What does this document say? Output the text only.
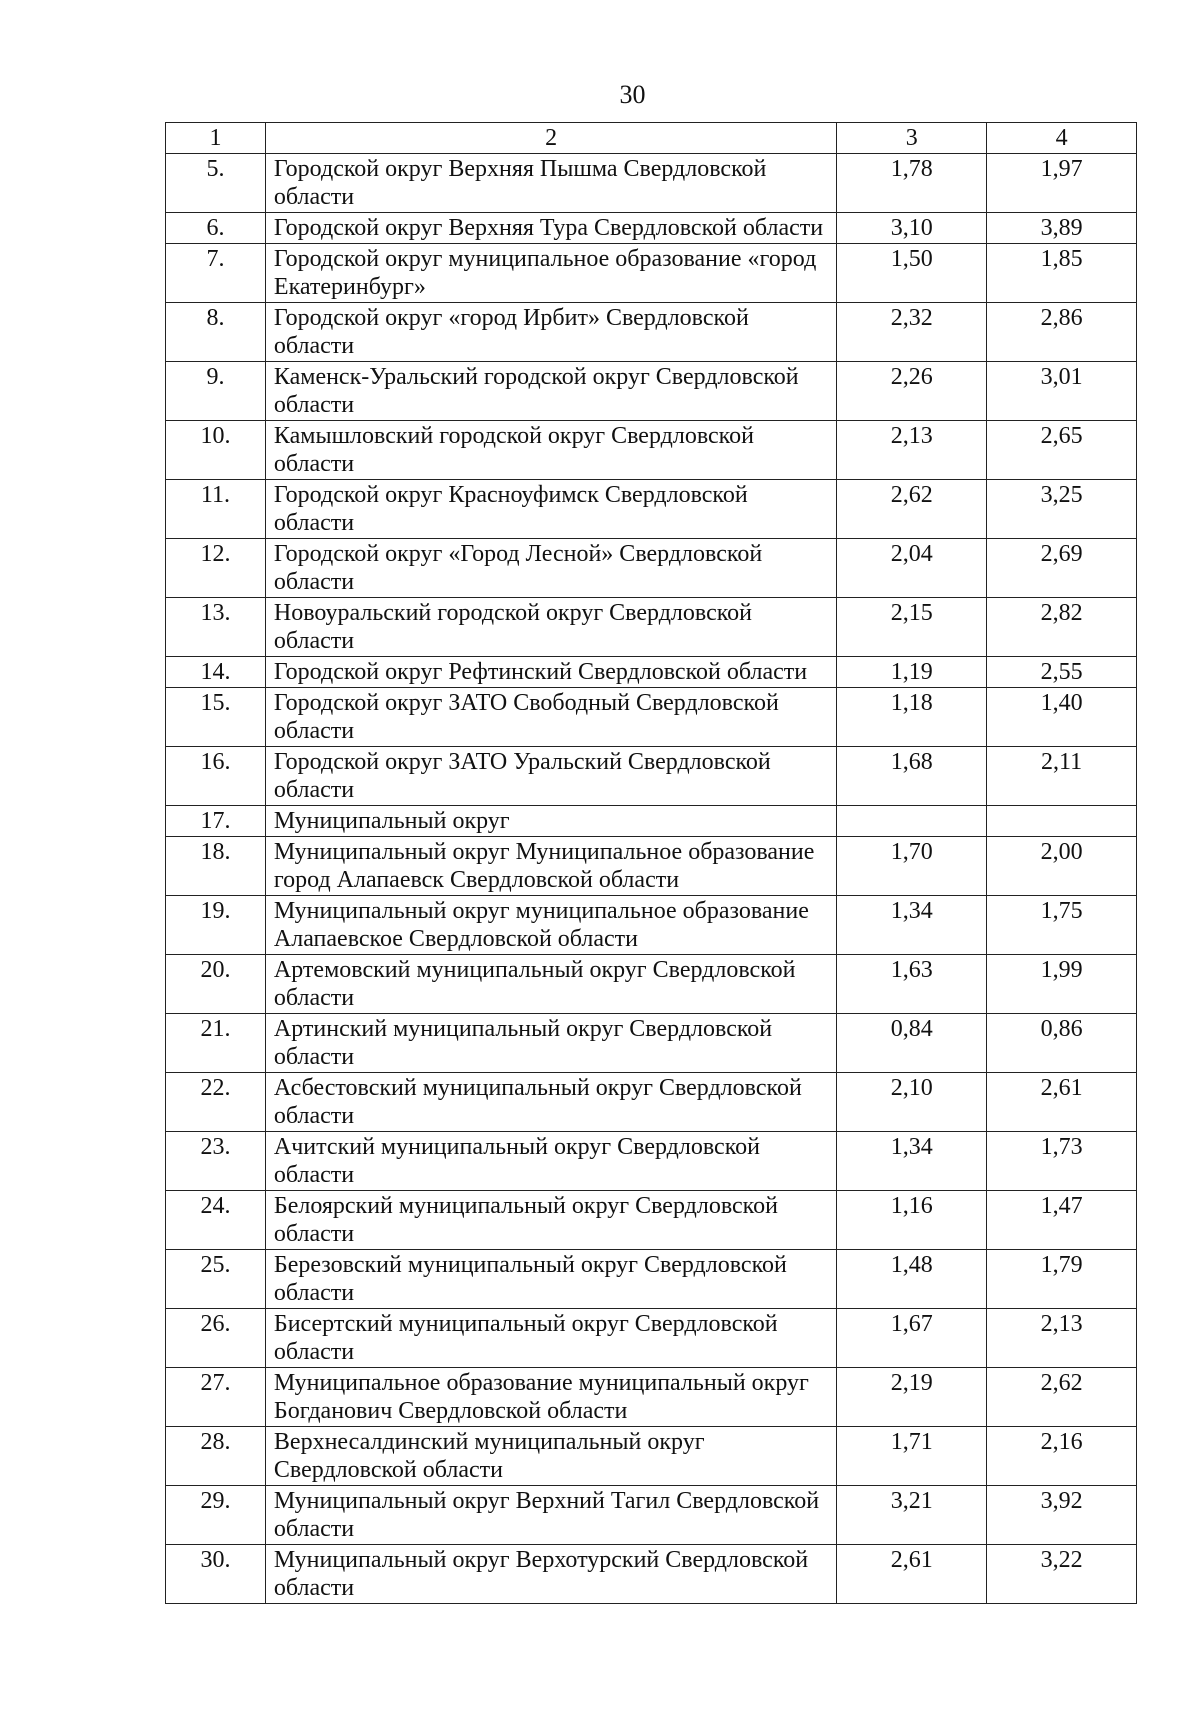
30
1	2	3	4
5.	Городской округ Верхняя Пышма Свердловской области	1,78	1,97
6.	Городской округ Верхняя Тура Свердловской области	3,10	3,89
7.	Городской округ муниципальное образование «город Екатеринбург»	1,50	1,85
8.	Городской округ «город Ирбит» Свердловской области	2,32	2,86
9.	Каменск-Уральский городской округ Свердловской области	2,26	3,01
10.	Камышловский городской округ Свердловской области	2,13	2,65
11.	Городской округ Красноуфимск Свердловской области	2,62	3,25
12.	Городской округ «Город Лесной» Свердловской области	2,04	2,69
13.	Новоуральский городской округ Свердловской области	2,15	2,82
14.	Городской округ Рефтинский Свердловской области	1,19	2,55
15.	Городской округ ЗАТО Свободный Свердловской области	1,18	1,40
16.	Городской округ ЗАТО Уральский Свердловской области	1,68	2,11
17.	Муниципальный округ		
18.	Муниципальный округ Муниципальное образование город Алапаевск Свердловской области	1,70	2,00
19.	Муниципальный округ муниципальное образование Алапаевское Свердловской области	1,34	1,75
20.	Артемовский муниципальный округ Свердловской области	1,63	1,99
21.	Артинский муниципальный округ Свердловской области	0,84	0,86
22.	Асбестовский муниципальный округ Свердловской области	2,10	2,61
23.	Ачитский муниципальный округ Свердловской области	1,34	1,73
24.	Белоярский муниципальный округ Свердловской области	1,16	1,47
25.	Березовский муниципальный округ Свердловской области	1,48	1,79
26.	Бисертский муниципальный округ Свердловской области	1,67	2,13
27.	Муниципальное образование муниципальный округ Богданович Свердловской области	2,19	2,62
28.	Верхнесалдинский муниципальный округ Свердловской области	1,71	2,16
29.	Муниципальный округ Верхний Тагил Свердловской области	3,21	3,92
30.	Муниципальный округ Верхотурский Свердловской области	2,61	3,22
